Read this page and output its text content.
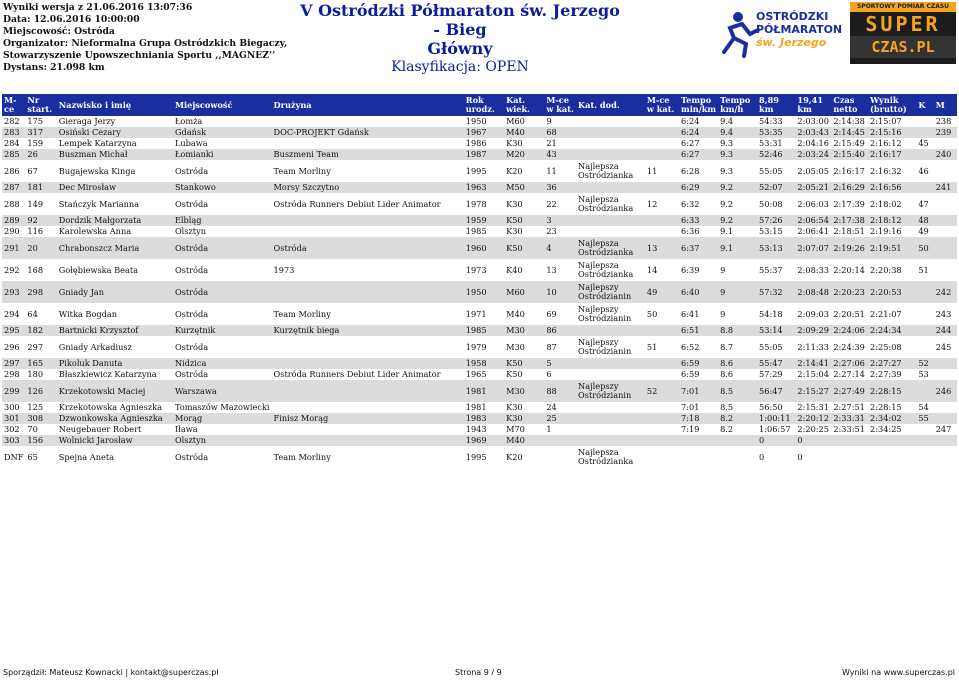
Wyniki wersja z 21.06.2016 13:07:36
Data: 12.06.2016 10:00:00
Miejscowość: Ostróda
Organizator: Nieformalna Grupa Ostródzkich Biegaczy,
Stowarzyszenie Upowszechniania Sportu ,,MAGNEZ’’
Dystans: 21.098 km
V Ostródzki Półmaraton św. Jerzego - Bieg
Główny
Klasyfikacja: OPEN
OSTRÓDZKI
PÓŁMARATON
św. Jerzego
SPORTOWY POMIAR CZASU
SUPER
CZAS.PL
M-ce	Nr start.	Nazwisko i imię	Miejscowość	Drużyna	Rok urodz.	Kat. wiek.	M-ce w kat.	Kat. dod.	M-ce w kat.	Tempo min/km	Tempo km/h	8,89 km	19,41 km	Czas netto	Wynik (brutto)	K	M
282	175	Gieraga Jerzy	Łomża		1950	M60	9			6:24	9.4	54:33	2:03:00	2:14:38	2:15:07		238
283	317	Osiński Cezary	Gdańsk	DOC-PROJEKT Gdańsk	1967	M40	68			6:24	9.4	53:35	2:03:43	2:14:45	2:15:16		239
284	159	Lempek Katarzyna	Lubawa		1986	K30	21			6:27	9.3	53:31	2:04:16	2:15:49	2:16:12	45	
285	26	Buszman Michał	Łomianki	Buszmeni Team	1987	M20	43			6:27	9.3	52:46	2:03:24	2:15:40	2:16:17		240
286	67	Bugajewska Kinga	Ostróda	Team Morliny	1995	K20	11	Najlepsza Ostródzianka	11	6:28	9.3	55:05	2:05:05	2:16:17	2:16:32	46	
287	181	Dec Mirosław	Stankowo	Morsy Szczytno	1963	M50	36			6:29	9.2	52:07	2:05:21	2:16:29	2:16:56		241
288	149	Stańczyk Marianna	Ostróda	Ostróda Runners Debiut Lider Animator	1978	K30	22	Najlepsza Ostródzianka	12	6:32	9.2	50:08	2:06:03	2:17:39	2:18:02	47	
289	92	Dordzik Małgorzata	Elbląg		1959	K50	3			6:33	9.2	57:26	2:06:54	2:17:38	2:18:12	48	
290	116	Karolewska Anna	Olsztyn		1985	K30	23			6:36	9.1	53:15	2:06:41	2:18:51	2:19:16	49	
291	20	Chrabonszcz Maria	Ostróda	Ostróda	1960	K50	4	Najlepsza Ostródzianka	13	6:37	9.1	53:13	2:07:07	2:19:26	2:19:51	50	
292	168	Gołębiewska Beata	Ostróda	1973	1973	K40	13	Najlepsza Ostródzianka	14	6:39	9	55:37	2:08:33	2:20:14	2:20:38	51	
293	298	Gniady Jan	Ostróda		1950	M60	10	Najlepszy Ostródzianin	49	6:40	9	57:32	2:08:48	2:20:23	2:20:53		242
294	64	Witka Bogdan	Ostróda	Team Morliny	1971	M40	69	Najlepszy Ostródzianin	50	6:41	9	54:18	2:09:03	2:20:51	2:21:07		243
295	182	Bartnicki Krzysztof	Kurzętnik	Kurzętnik biega	1985	M30	86			6:51	8.8	53:14	2:09:29	2:24:06	2:24:34		244
296	297	Gniady Arkadiusz	Ostróda		1979	M30	87	Najlepszy Ostródzianin	51	6:52	8.7	55:05	2:11:33	2:24:39	2:25:08		245
297	165	Pikoluk Danuta	Nidzica		1958	K50	5			6:59	8.6	55:47	2:14:41	2:27:06	2:27:27	52	
298	180	Błaszkiewicz Katarzyna	Ostróda	Ostróda Runners Debiut Lider Animator	1965	K50	6			6:59	8.6	57:29	2:15:04	2:27:14	2:27:39	53	
299	126	Krzekotowski Maciej	Warszawa		1981	M30	88	Najlepszy Ostródzianin	52	7:01	8.5	56:47	2:15:27	2:27:49	2:28:15		246
300	125	Krzekotowska Agnieszka	Tomaszów Mazowiecki		1981	K30	24			7:01	8.5	56:50	2:15:31	2:27:51	2:28:15	54	
301	308	Dzwonkowska Agnieszka	Morąg	Finisz Morąg	1983	K30	25			7:18	8.2	1:00:11	2:20:12	2:33:31	2:34:02	55	
302	70	Neugebauer Robert	Iława		1943	M70	1			7:19	8.2	1:06:57	2:20:25	2:33:51	2:34:25		247
303	156	Wolnicki Jarosław	Olsztyn		1969	M40						0	0				
DNF	65	Spejna Aneta	Ostróda	Team Morliny	1995	K20		Najlepsza Ostródzianka				0	0				
Sporządził: Mateusz Kownacki | kontakt@superczas.pl	Strona 9 / 9	Wyniki na www.superczas.pl
